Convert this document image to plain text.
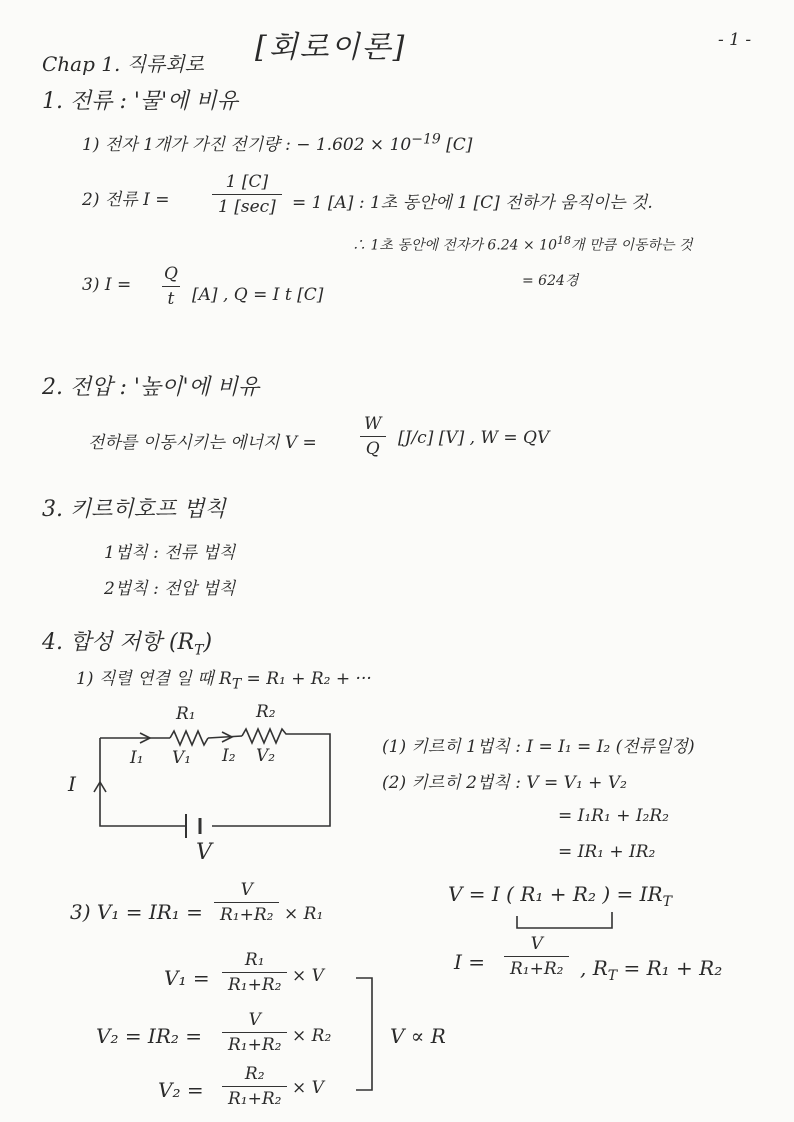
[회로이론]	- 1 -
Chap 1. 직류회로
1. 전류 : '물'에 비유
1) 전자 1개가 가진 전기량 : − $1.602 \times 10^{-19}$ [C]
2) 전류 I =
1 [C]
1 [sec] = 1 [A] : 1초 동안에 1 [C] 전하가 움직이는 것.
∴ 1초 동안에 전자가 $6.24 \times 10^{18}$개 만큼 이동하는 것
= 624경
3) $I = \frac{Q}{t} [A]$ , Q = I t [C]
2. 전압 : '높이'에 비유
전하를 이동시키는 에너지 $V = \frac{W}{Q} [J/c]$ [V] , W = QV
3. 키르히호프 법칙
1법칙 : 전류 법칙
2법칙 : 전압 법칙
4. 합성 저항 $(R_T)$
1) 직렬 연결 일 때 $R_T = R_1 + R_2$ + ···
R₁	R₂
I₁ V₁ I₂ V₂
I
V
(1) 키르히 1법칙 : I = I₁ = I₂ (전류일정)
(2) 키르히 2법칙 : V = V₁ + V₂
= I₁R₁ + I₂R₂
= IR₁ + IR₂
V = I ( R₁ + R₂ ) = $IR_T$
$I = \frac{V}{\text{R₁+R₂}}$ , $R_T = R_1 + R_2$
3) $V_1 = IR_1 = \frac{V}{\text{R₁+R₂}} \times R_1$
$V_1 = \frac{\text{R₁}}{\text{R₁+R₂}} \times V$
$V_2 = IR_2 = \frac{V}{\text{R₁+R₂}} \times R_2$
$V_2 = \frac{\text{R₂}}{\text{R₁+R₂}} \times V$
V ∝ R
